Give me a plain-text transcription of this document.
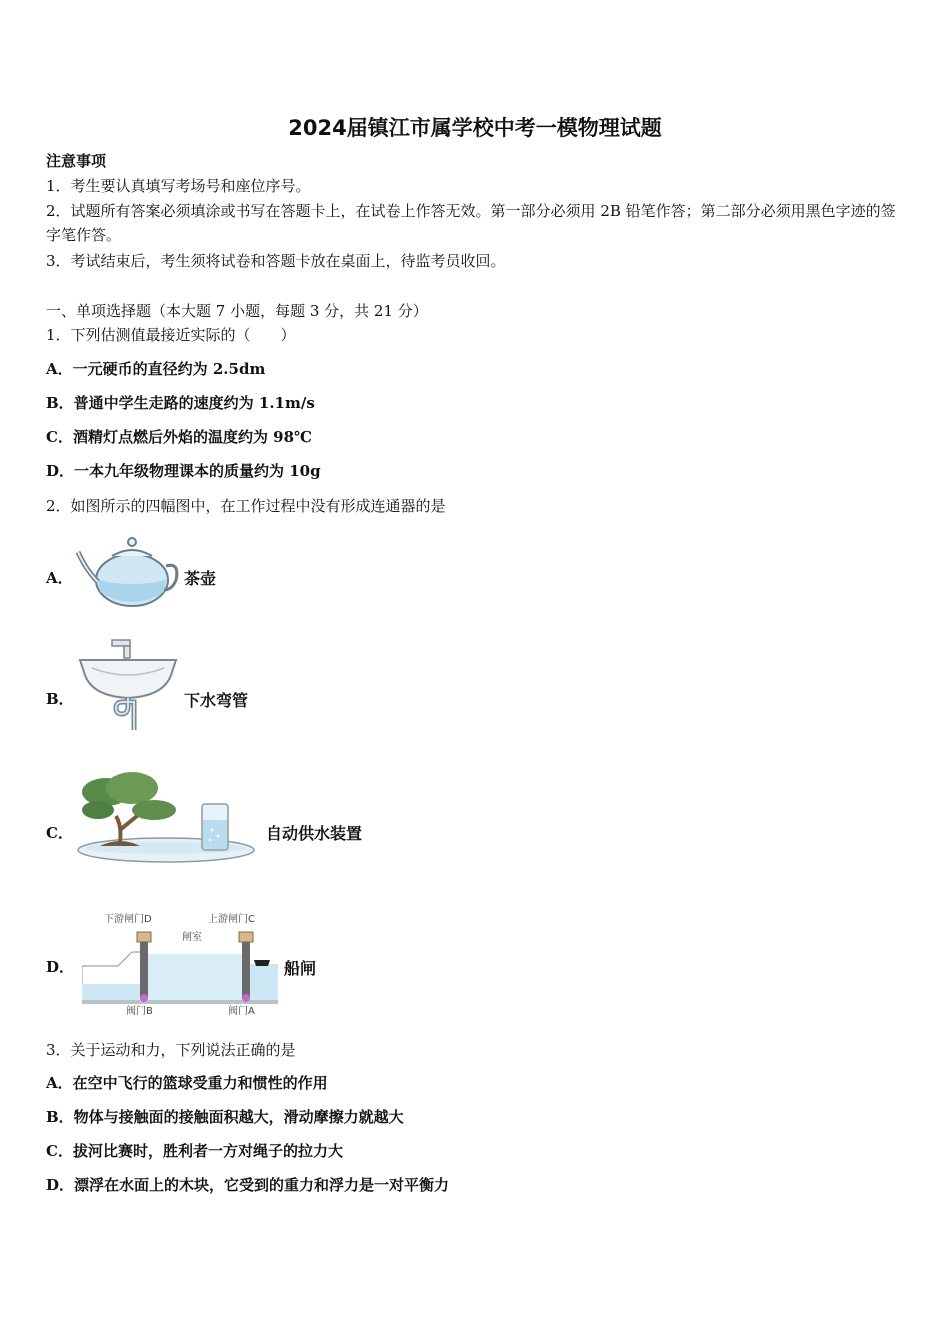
2024届镇江市属学校中考一模物理试题
注意事项
1．考生要认真填写考场号和座位序号。
2．试题所有答案必须填涂或书写在答题卡上，在试卷上作答无效。第一部分必须用 2B 铅笔作答；第二部分必须用黑色字迹的签字笔作答。
3．考试结束后，考生须将试卷和答题卡放在桌面上，待监考员收回。
一、单项选择题（本大题 7 小题，每题 3 分，共 21 分）
1．下列估测值最接近实际的（　　）
A．一元硬币的直径约为 2.5dm
B．普通中学生走路的速度约为 1.1m/s
C．酒精灯点燃后外焰的温度约为 98℃
D．一本九年级物理课本的质量约为 10g
2．如图所示的四幅图中，在工作过程中没有形成连通器的是
A．	茶壶
B．	下水弯管
C．	自动供水装置
D．
下游闸门D	上游闸门C
闸室
阀门B	阀门A
船闸
3．关于运动和力，下列说法正确的是
A．在空中飞行的篮球受重力和惯性的作用
B．物体与接触面的接触面积越大，滑动摩擦力就越大
C．拔河比赛时，胜利者一方对绳子的拉力大
D．漂浮在水面上的木块，它受到的重力和浮力是一对平衡力
